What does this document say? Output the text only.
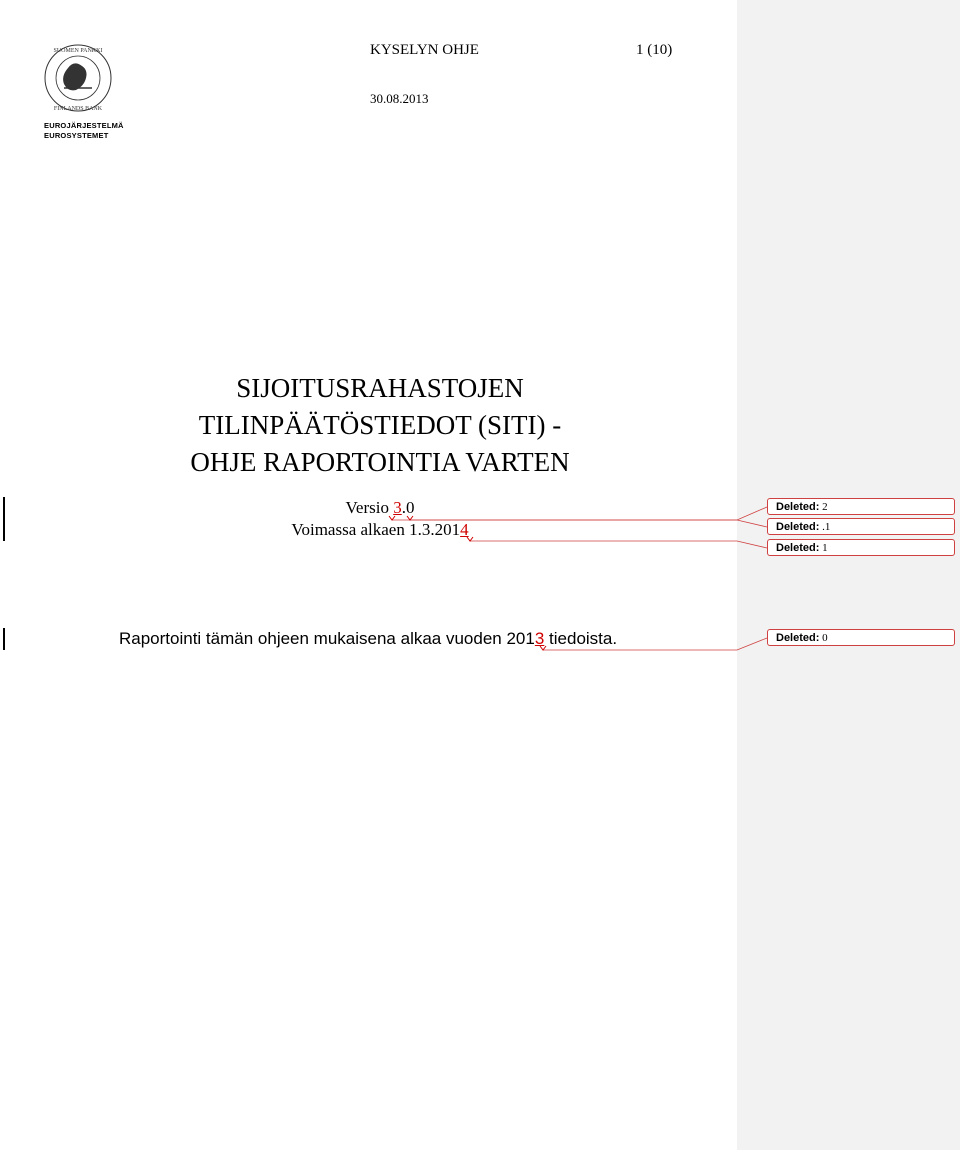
SUOMEN PANKKI
FINLANDS BANK
EUROJÄRJESTELMÄ
EUROSYSTEMET
KYSELYN OHJE	1 (10)
30.08.2013
SIJOITUSRAHASTOJEN
TILINPÄÄTÖSTIEDOT (SITI) -
OHJE RAPORTOINTIA VARTEN
Versio 3.0
Voimassa alkaen 1.3.2014
Raportointi tämän ohjeen mukaisena alkaa vuoden 2013 tiedoista.
Deleted: 2
Deleted: .1
Deleted: 1
Deleted: 0
